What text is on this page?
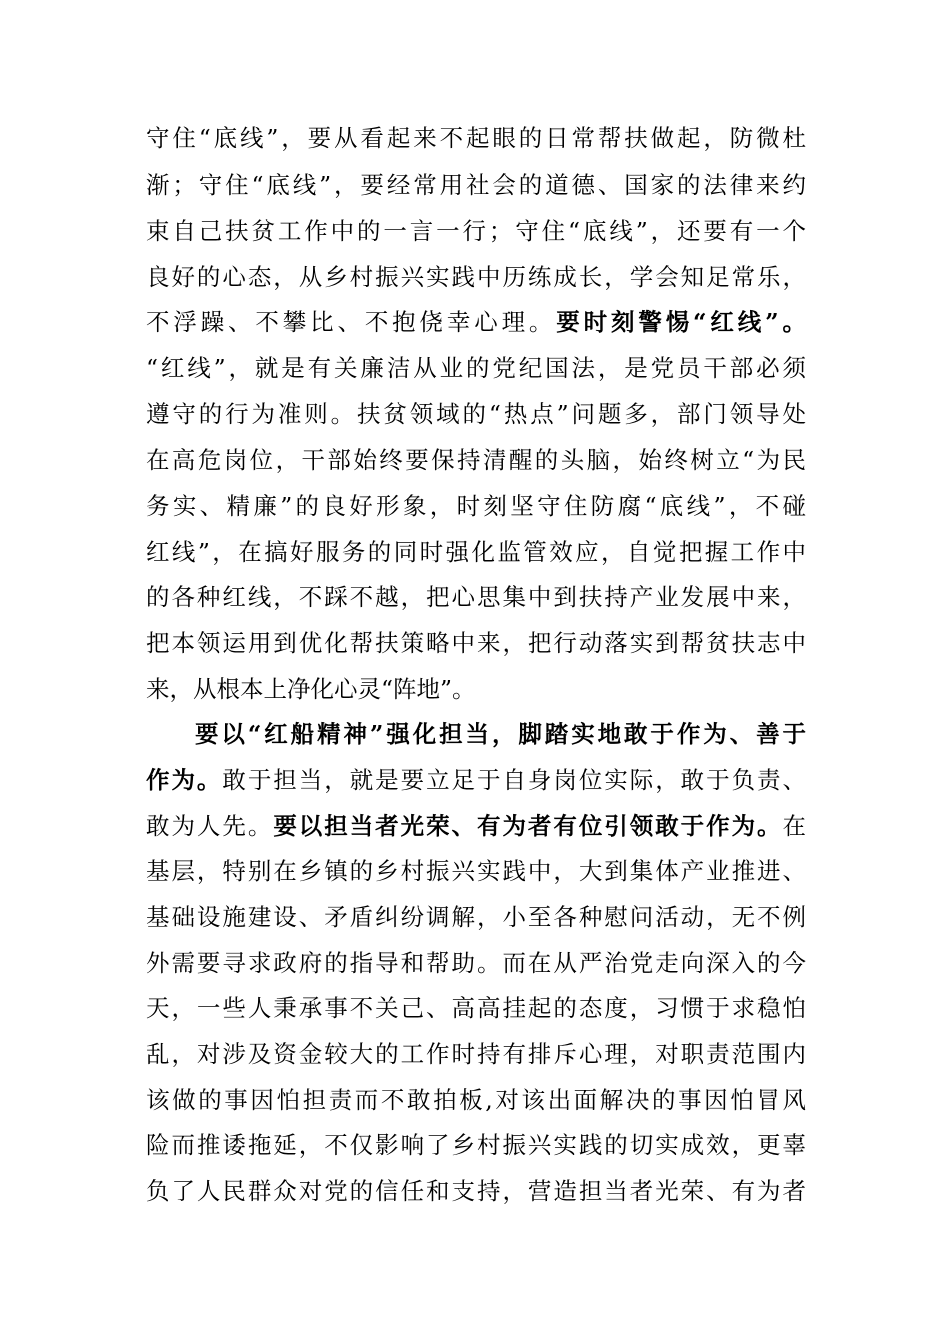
守住“底线”，要从看起来不起眼的日常帮扶做起，防微杜
渐；守住“底线”，要经常用社会的道德、国家的法律来约
束自己扶贫工作中的一言一行；守住“底线”，还要有一个
良好的心态，从乡村振兴实践中历练成长，学会知足常乐，
不浮躁、不攀比、不抱侥幸心理。要时刻警惕“红线”。
“红线”，就是有关廉洁从业的党纪国法，是党员干部必须
遵守的行为准则。扶贫领域的“热点”问题多，部门领导处
在高危岗位，干部始终要保持清醒的头脑，始终树立“为民
务实、精廉”的良好形象，时刻坚守住防腐“底线”，不碰
红线”，在搞好服务的同时强化监管效应，自觉把握工作中
的各种红线，不踩不越，把心思集中到扶持产业发展中来，
把本领运用到优化帮扶策略中来，把行动落实到帮贫扶志中
来，从根本上净化心灵“阵地”。
要以“红船精神”强化担当，脚踏实地敢于作为、善于
作为。敢于担当，就是要立足于自身岗位实际，敢于负责、
敢为人先。要以担当者光荣、有为者有位引领敢于作为。在
基层，特别在乡镇的乡村振兴实践中，大到集体产业推进、
基础设施建设、矛盾纠纷调解，小至各种慰问活动，无不例
外需要寻求政府的指导和帮助。而在从严治党走向深入的今
天，一些人秉承事不关己、高高挂起的态度，习惯于求稳怕
乱，对涉及资金较大的工作时持有排斥心理，对职责范围内
该做的事因怕担责而不敢拍板,对该出面解决的事因怕冒风
险而推诿拖延，不仅影响了乡村振兴实践的切实成效，更辜
负了人民群众对党的信任和支持，营造担当者光荣、有为者
